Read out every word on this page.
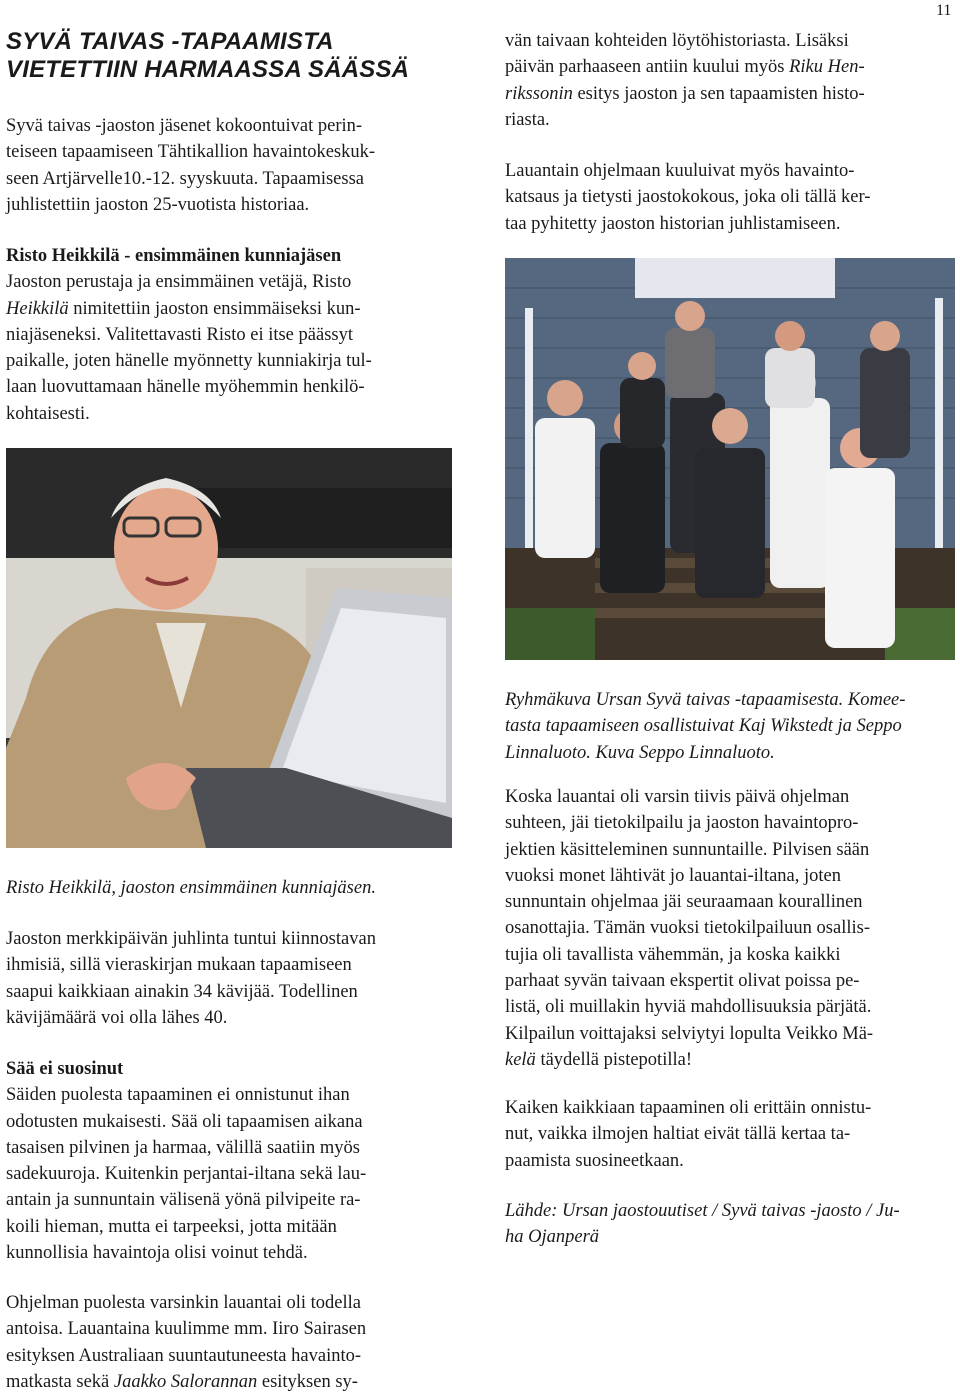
11
SYVÄ TAIVAS -TAPAAMISTA
VIETETTIIN HARMAASSA SÄÄSSÄ

Syvä taivas -jaoston jäsenet kokoontuivat perin-

teiseen tapaamiseen Tähtikallion havaintokeskuk-

seen Artjärvelle10.-12. syyskuuta. Tapaamisessa

juhlistettiin jaoston 25-vuotista historiaa.

Risto Heikkilä - ensimmäinen kunniajäsen

Jaoston perustaja ja ensimmäinen vetäjä, Risto

Heikkilä nimitettiin jaoston ensimmäiseksi kun-

niajäseneksi. Valitettavasti Risto ei itse päässyt

paikalle, joten hänelle myönnetty kunniakirja tul-

laan luovuttamaan hänelle myöhemmin henkilö-

kohtaisesti.

Risto Heikkilä, jaoston ensimmäinen kunniajäsen.

Jaoston merkkipäivän juhlinta tuntui kiinnostavan

ihmisiä, sillä vieraskirjan mukaan tapaamiseen

saapui kaikkiaan ainakin 34 kävijää. Todellinen

kävijämäärä voi olla lähes 40.

Sää ei suosinut

Säiden puolesta tapaaminen ei onnistunut ihan

odotusten mukaisesti. Sää oli tapaamisen aikana

tasaisen pilvinen ja harmaa, välillä saatiin myös

sadekuuroja. Kuitenkin perjantai-iltana sekä lau-

antain ja sunnuntain välisenä yönä pilvipeite ra-

koili hieman, mutta ei tarpeeksi, jotta mitään

kunnollisia havaintoja olisi voinut tehdä.

Ohjelman puolesta varsinkin lauantai oli todella

antoisa. Lauantaina kuulimme mm. Iiro Sairasen

esityksen Australiaan suuntautuneesta havainto-

matkasta sekä Jaakko Salorannan esityksen sy-

vän taivaan kohteiden löytöhistoriasta. Lisäksi

päivän parhaaseen antiin kuului myös Riku Hen-

rikssonin esitys jaoston ja sen tapaamisten histo-

riasta.

Lauantain ohjelmaan kuuluivat myös havainto-

katsaus ja tietysti jaostokokous, joka oli tällä ker-

taa pyhitetty jaoston historian juhlistamiseen.

Ryhmäkuva Ursan Syvä taivas -tapaamisesta. Komee-

tasta tapaamiseen osallistuivat Kaj Wikstedt ja Seppo

Linnaluoto. Kuva Seppo Linnaluoto.

Koska lauantai oli varsin tiivis päivä ohjelman

suhteen, jäi tietokilpailu ja jaoston havaintopro-

jektien käsitteleminen sunnuntaille. Pilvisen sään

vuoksi monet lähtivät jo lauantai-iltana, joten

sunnuntain ohjelmaa jäi seuraamaan kourallinen

osanottajia. Tämän vuoksi tietokilpailuun osallis-

tujia oli tavallista vähemmän, ja koska kaikki

parhaat syvän taivaan ekspertit olivat poissa pe-

listä, oli muillakin hyviä mahdollisuuksia pärjätä.

Kilpailun voittajaksi selviytyi lopulta Veikko Mä-

kelä täydellä pistepotilla!

Kaiken kaikkiaan tapaaminen oli erittäin onnistu-

nut, vaikka ilmojen haltiat eivät tällä kertaa ta-

paamista suosineetkaan.

Lähde: Ursan jaostouutiset / Syvä taivas -jaosto / Ju-

ha Ojanperä
